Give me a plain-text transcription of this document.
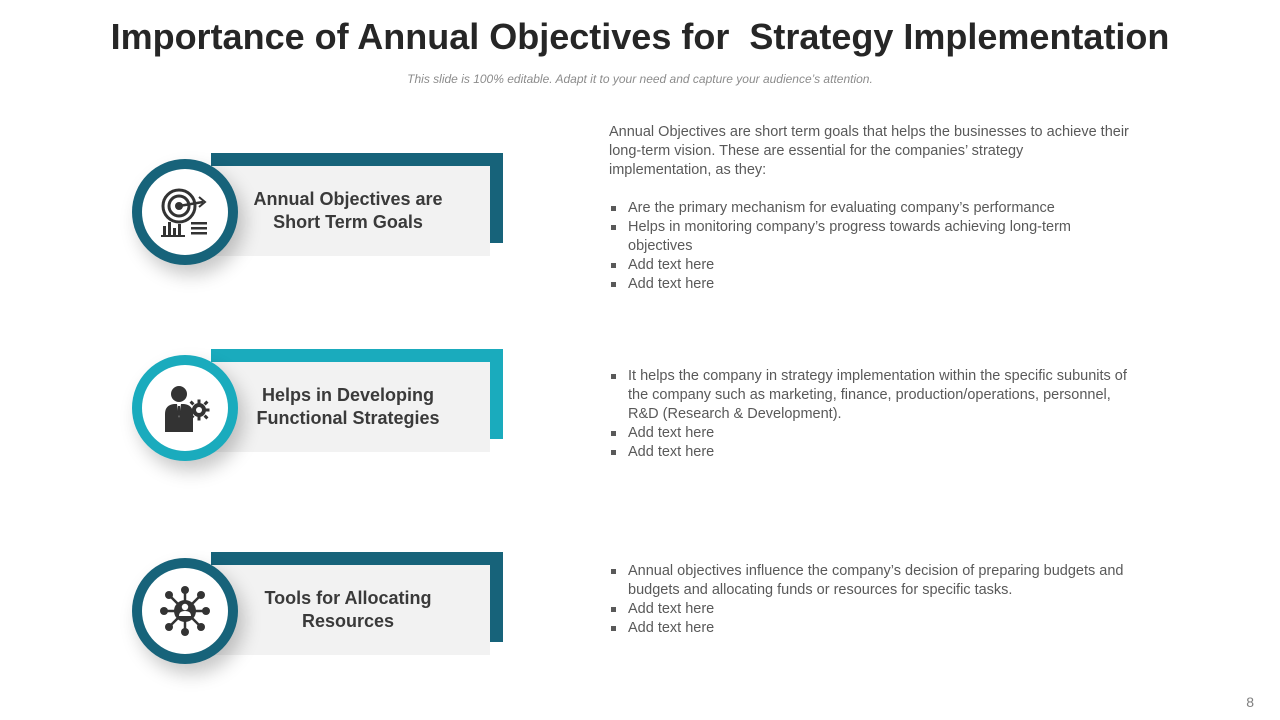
Importance of Annual Objectives for  Strategy Implementation
This slide is 100% editable. Adapt it to your need and capture your audience’s attention.
Annual Objectives are Short Term Goals
Helps in Developing Functional Strategies
Tools for Allocating Resources

Annual Objectives are short term goals that helps the businesses to achieve their long-term vision. These are essential for the companies’ strategy implementation, as they:

Are the primary mechanism for evaluating company’s performance
Helps in monitoring company’s progress towards achieving long-term objectives
Add text here
Add text here
It helps the company in strategy implementation within the specific subunits of the company such as marketing, finance, production/operations, personnel, R&D (Research & Development).
Add text here
Add text here
Annual objectives influence the company’s decision of preparing budgets and budgets and allocating funds or resources for specific tasks.
Add text here
Add text here
8
